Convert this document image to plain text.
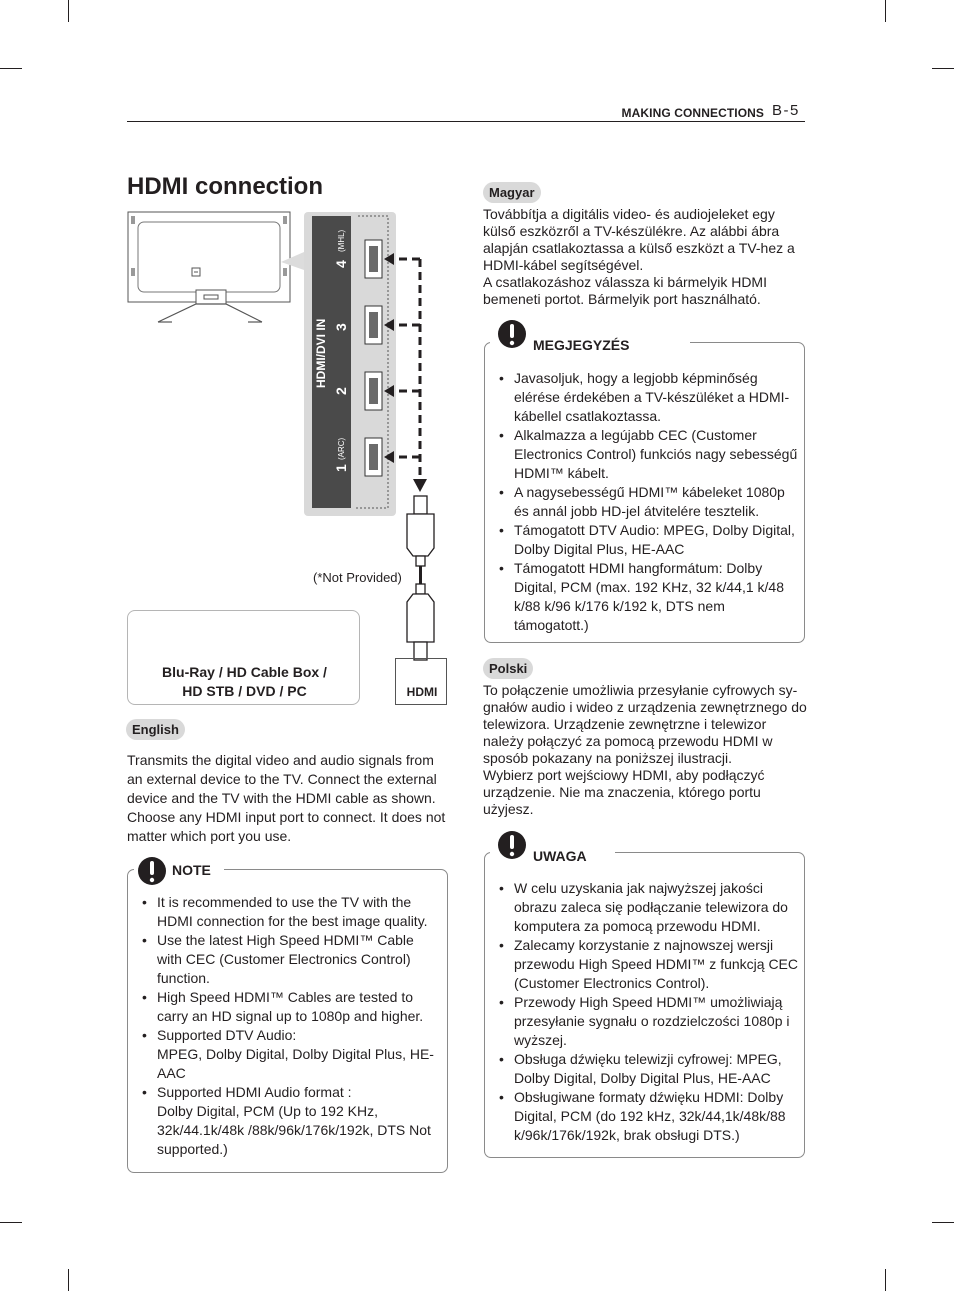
MAKING CONNECTIONS B-5
HDMI connection
HDMI/DVI IN
4
(MHL)
3
2
1
(ARC)
(*Not Provided)
Blu-Ray / HD Cable Box /
HD STB / DVD / PC	HDMI
English

Transmits the digital video and audio signals from an external device to the TV. Connect the external device and the TV with the HDMI cable as shown. Choose any HDMI input port to connect. It does not matter which port you use.

• It is recommended to use the TV with the HDMI connection for the best image quality.
• Use the latest High Speed HDMI™ Cable with CEC (Customer Electronics Control) function.
• High Speed HDMI™ Cables are tested to carry an HD signal up to 1080p and higher.
• Supported DTV Audio:
MPEG, Dolby Digital, Dolby Digital Plus, HE-AAC
• Supported HDMI Audio format :
Dolby Digital, PCM (Up to 192 KHz, 32k/44.1k/48k /88k/96k/176k/192k, DTS Not supported.)
NOTE
Magyar

Továbbítja a digitális video- és audiojeleket egy külső eszközről a TV-készülékre. Az alábbi ábra alapján csatlakoztassa a külső eszközt a TV-hez a HDMI-kábel segítségével.
A csatlakozáshoz válassza ki bármelyik HDMI bemeneti portot. Bármelyik port használható.

• Javasoljuk, hogy a legjobb képminőség elérése érdekében a TV-készüléket a HDMI-kábellel csatlakoztassa.
• Alkalmazza a legújabb CEC (Customer Electronics Control) funkciós nagy sebességű HDMI™ kábelt.
• A nagysebességű HDMI™ kábeleket 1080p és annál jobb HD-jel átvitelére tesztelik.
• Támogatott DTV Audio: MPEG, Dolby Digital, Dolby Digital Plus, HE-AAC
• Támogatott HDMI hangformátum: Dolby Digital, PCM (max. 192 KHz, 32 k/44,1 k/48 k/88 k/96 k/176 k/192 k, DTS nem támogatott.)
MEGJEGYZÉS
Polski

To połączenie umożliwia przesyłanie cyfrowych sy-gnałów audio i wideo z urządzenia zewnętrznego do telewizora. Urządzenie zewnętrzne i telewizor należy połączyć za pomocą przewodu HDMI w sposób pokazany na poniższej ilustracji.
Wybierz port wejściowy HDMI, aby podłączyć urządzenie. Nie ma znaczenia, którego portu użyjesz.

• W celu uzyskania jak najwyższej jakości obrazu zaleca się podłączanie telewizora do komputera za pomocą przewodu HDMI.
• Zalecamy korzystanie z najnowszej wersji przewodu High Speed HDMI™ z funkcją CEC (Customer Electronics Control).
• Przewody High Speed HDMI™ umożliwiają przesyłanie sygnału o rozdzielczości 1080p i wyższej.
• Obsługa dźwięku telewizji cyfrowej: MPEG, Dolby Digital, Dolby Digital Plus, HE-AAC
• Obsługiwane formaty dźwięku HDMI: Dolby Digital, PCM (do 192 kHz, 32k/44,1k/48k/88 k/96k/176k/192k, brak obsługi DTS.)
UWAGA
